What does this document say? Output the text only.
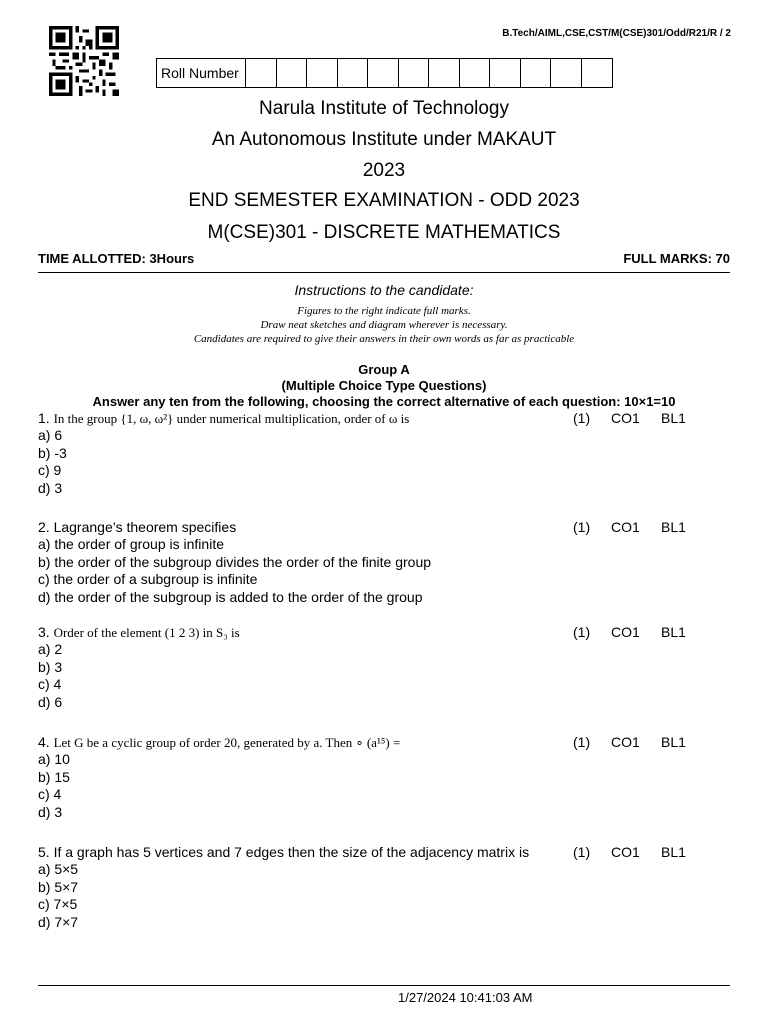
B.Tech/AIML,CSE,CST/M(CSE)301/Odd/R21/R / 2
Roll Number
Narula Institute of Technology
An Autonomous Institute under MAKAUT
2023
END SEMESTER EXAMINATION - ODD 2023
M(CSE)301 - DISCRETE MATHEMATICS
TIME ALLOTTED: 3Hours	FULL MARKS: 70
Instructions to the candidate:
Figures to the right indicate full marks.
Draw neat sketches and diagram wherever is necessary.
Candidates are required to give their answers in their own words as far as practicable
Group A
(Multiple Choice Type Questions)
Answer any ten from the following, choosing the correct alternative of each question: 10×1=10
1. In the group {1, ω, ω²} under numerical multiplication, order of ω is	(1)	CO1	BL1
a) 6
b) -3
c) 9
d) 3
2. Lagrange’s theorem specifies	(1)	CO1	BL1
a) the order of group is infinite
b) the order of the subgroup divides the order of the finite group
c) the order of a subgroup is infinite
d) the order of the subgroup is added to the order of the group
3. Order of the element (1 2 3) in S₃ is	(1)	CO1	BL1
a) 2
b) 3
c) 4
d) 6
4. Let G be a cyclic group of order 20, generated by a. Then ∘ (a¹⁵) =	(1)	CO1	BL1
a) 10
b) 15
c) 4
d) 3
5. If a graph has 5 vertices and 7 edges then the size of the adjacency matrix is	(1)	CO1	BL1
a) 5×5
b) 5×7
c) 7×5
d) 7×7
1/27/2024 10:41:03 AM
